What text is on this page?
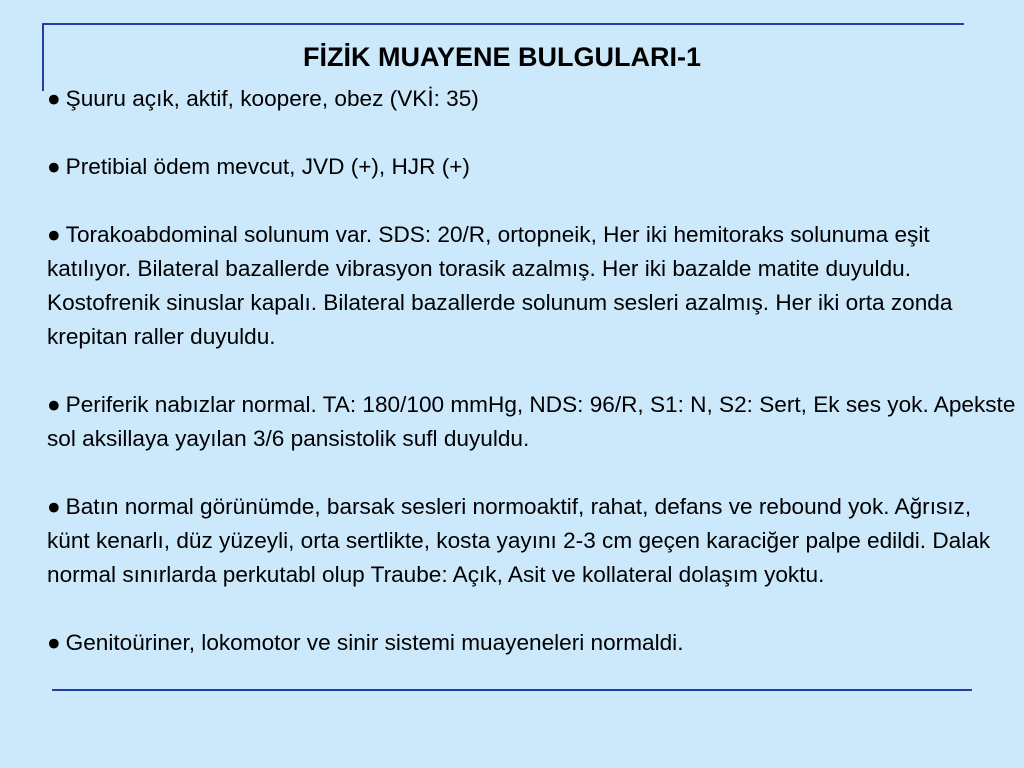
FİZİK MUAYENE BULGULARI-1

● Şuuru açık, aktif, koopere, obez (VKİ: 35)

● Pretibial ödem mevcut, JVD (+), HJR (+)

● Torakoabdominal solunum var. SDS: 20/R, ortopneik, Her iki hemitoraks solunuma eşit katılıyor. Bilateral bazallerde vibrasyon torasik azalmış. Her iki bazalde matite duyuldu. Kostofrenik sinuslar kapalı. Bilateral bazallerde solunum sesleri azalmış. Her iki orta zonda krepitan raller duyuldu.

● Periferik nabızlar normal. TA: 180/100 mmHg, NDS: 96/R, S1: N, S2: Sert, Ek ses yok. Apekste sol aksillaya yayılan 3/6 pansistolik sufl duyuldu.

● Batın normal görünümde, barsak sesleri normoaktif, rahat, defans ve rebound yok. Ağrısız, künt kenarlı, düz yüzeyli, orta sertlikte, kosta yayını 2-3 cm geçen karaciğer palpe edildi. Dalak normal sınırlarda perkutabl olup Traube: Açık, Asit ve kollateral dolaşım yoktu.

● Genitoüriner, lokomotor ve sinir sistemi muayeneleri normaldi.
